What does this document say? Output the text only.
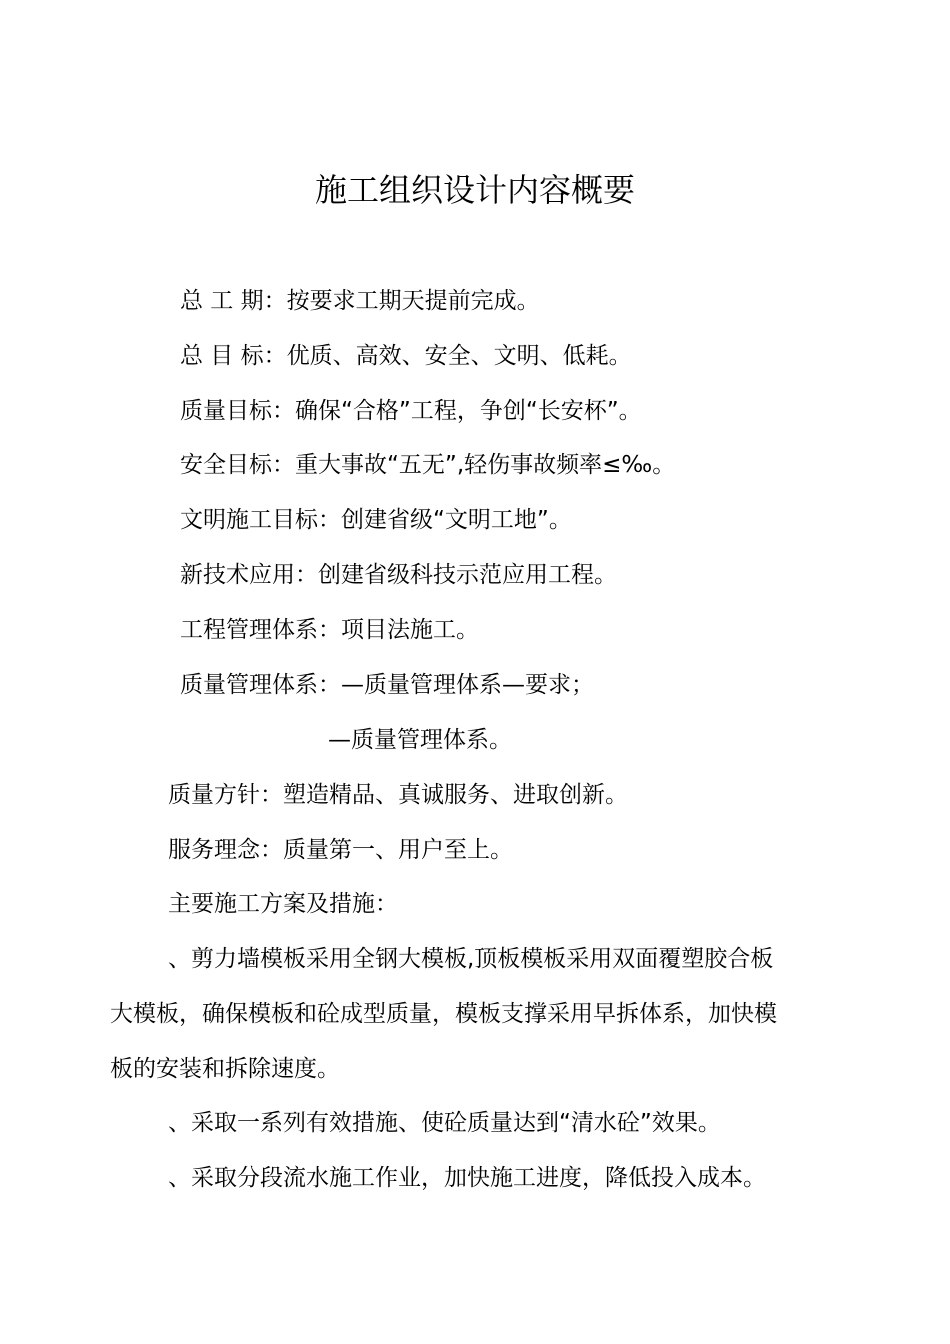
施工组织设计内容概要
总 工 期：按要求工期天提前完成。
总 目 标：优质、高效、安全、文明、低耗。
质量目标：确保“合格”工程，争创“长安杯”。
安全目标：重大事故“五无”,轻伤事故频率≤‰。
文明施工目标：创建省级“文明工地”。
新技术应用：创建省级科技示范应用工程。
工程管理体系：项目法施工。
质量管理体系：—质量管理体系—要求；
—质量管理体系。
质量方针：塑造精品、真诚服务、进取创新。
服务理念：质量第一、用户至上。
主要施工方案及措施：
、剪力墙模板采用全钢大模板,顶板模板采用双面覆塑胶合板
大模板，确保模板和砼成型质量，模板支撑采用早拆体系，加快模
板的安装和拆除速度。
、采取一系列有效措施、使砼质量达到“清水砼”效果。
、采取分段流水施工作业，加快施工进度，降低投入成本。
